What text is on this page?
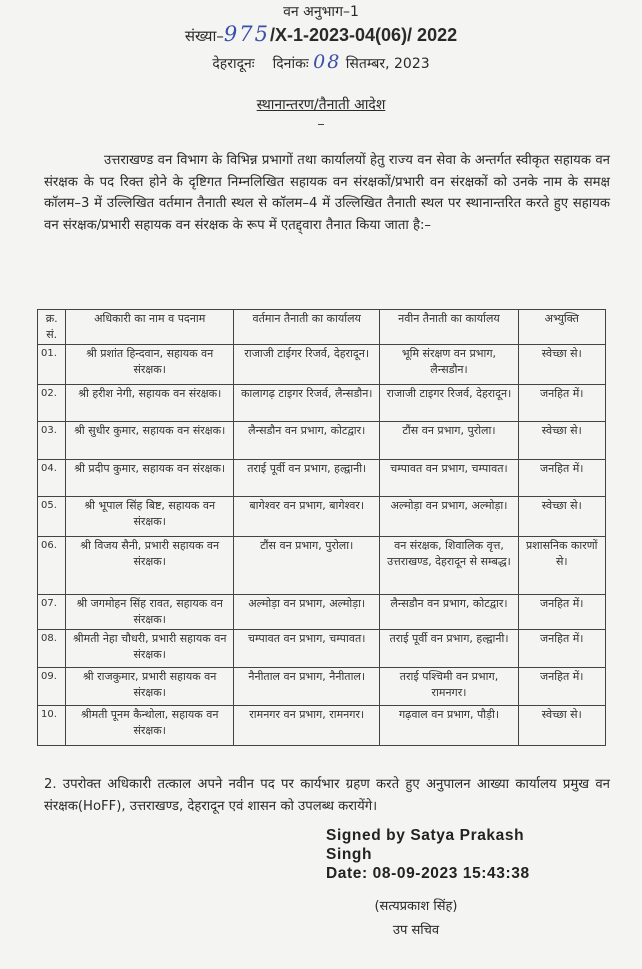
वन अनुभाग–1
संख्या–975/X-1-2023-04(06)/ 2022
देहरादूनः दिनांकः 08 सितम्बर, 2023
स्थानान्तरण/तैनाती आदेश
उत्तराखण्ड वन विभाग के विभिन्न प्रभागों तथा कार्यालयों हेतु राज्य वन सेवा के अन्तर्गत स्वीकृत सहायक वन संरक्षक के पद रिक्त होने के दृष्टिगत निम्नलिखित सहायक वन संरक्षकों/प्रभारी वन संरक्षकों को उनके नाम के समक्ष कॉलम–3 में उल्लिखित वर्तमान तैनाती स्थल से कॉलम–4 में उल्लिखित तैनाती स्थल पर स्थानान्तरित करते हुए सहायक वन संरक्षक/प्रभारी सहायक वन संरक्षक के रूप में एतद्द्वारा तैनात किया जाता है:–
क्र. सं.	अधिकारी का नाम व पदनाम	वर्तमान तैनाती का कार्यालय	नवीन तैनाती का कार्यालय	अभ्युक्ति
01.	श्री प्रशांत हिन्दवान, सहायक वन संरक्षक।	राजाजी टाईगर रिजर्व, देहरादून।	भूमि संरक्षण वन प्रभाग, लैन्सडौन।	स्वेच्छा से।
02.	श्री हरीश नेगी, सहायक वन संरक्षक।	कालागढ़ टाइगर रिजर्व, लैन्सडौन।	राजाजी टाइगर रिजर्व, देहरादून।	जनहित में।
03.	श्री सुधीर कुमार, सहायक वन संरक्षक।	लैन्सडौन वन प्रभाग, कोटद्वार।	टौंस वन प्रभाग, पुरोला।	स्वेच्छा से।
04.	श्री प्रदीप कुमार, सहायक वन संरक्षक।	तराई पूर्वी वन प्रभाग, हल्द्वानी।	चम्पावत वन प्रभाग, चम्पावत।	जनहित में।
05.	श्री भूपाल सिंह बिष्ट, सहायक वन संरक्षक।	बागेश्वर वन प्रभाग, बागेश्वर।	अल्मोड़ा वन प्रभाग, अल्मोड़ा।	स्वेच्छा से।
06.	श्री विजय सैनी, प्रभारी सहायक वन संरक्षक।	टौंस वन प्रभाग, पुरोला।	वन संरक्षक, शिवालिक वृत्त, उत्तराखण्ड, देहरादून से सम्बद्ध।	प्रशासनिक कारणों से।
07.	श्री जगमोहन सिंह रावत, सहायक वन संरक्षक।	अल्मोड़ा वन प्रभाग, अल्मोड़ा।	लैन्सडौन वन प्रभाग, कोटद्वार।	जनहित में।
08.	श्रीमती नेहा चौधरी, प्रभारी सहायक वन संरक्षक।	चम्पावत वन प्रभाग, चम्पावत।	तराई पूर्वी वन प्रभाग, हल्द्वानी।	जनहित में।
09.	श्री राजकुमार, प्रभारी सहायक वन संरक्षक।	नैनीताल वन प्रभाग, नैनीताल।	तराई पश्चिमी वन प्रभाग, रामनगर।	जनहित में।
10.	श्रीमती पूनम कैन्थोला, सहायक वन संरक्षक।	रामनगर वन प्रभाग, रामनगर।	गढ़वाल वन प्रभाग, पौड़ी।	स्वेच्छा से।
2. उपरोक्त अधिकारी तत्काल अपने नवीन पद पर कार्यभार ग्रहण करते हुए अनुपालन आख्या कार्यालय प्रमुख वन संरक्षक(HoFF), उत्तराखण्ड, देहरादून एवं शासन को उपलब्ध करायेंगे।
Signed by Satya Prakash
Singh
Date: 08-09-2023 15:43:38
(सत्यप्रकाश सिंह)
उप सचिव
